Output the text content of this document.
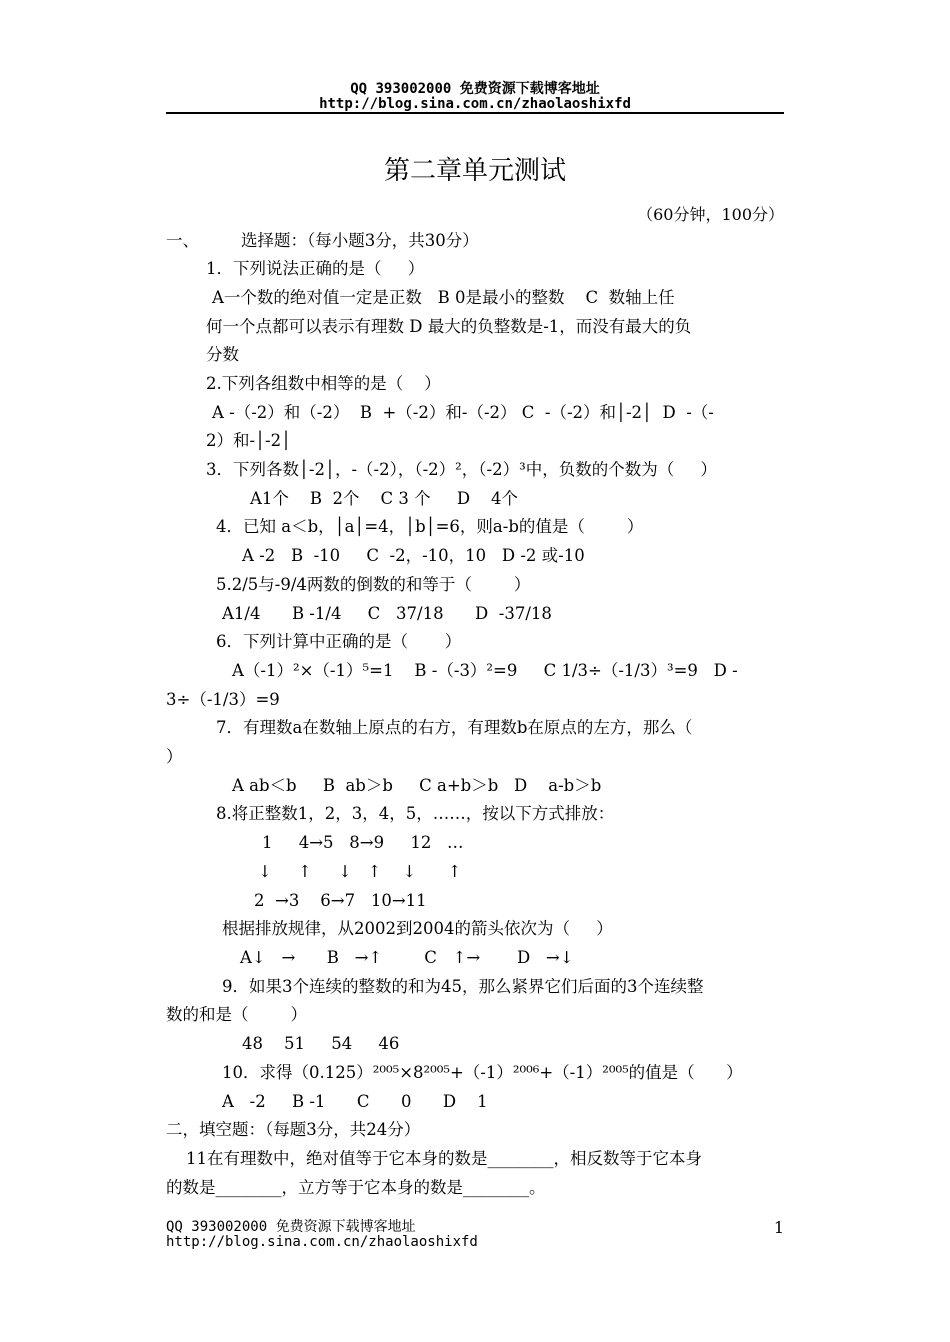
QQ 393002000 免费资源下载博客地址
http://blog.sina.com.cn/zhaolaoshixfd
第二章单元测试
（60分钟，100分）
一、        选择题：（每小题3分，共30分）
1．下列说法正确的是（     ）
A一个数的绝对值一定是正数   B 0是最小的整数    C  数轴上任
何一个点都可以表示有理数 D 最大的负整数是-1，而没有最大的负
分数
2.下列各组数中相等的是（    ）
A -（-2）和（-2）  B  +（-2）和-（-2） C  -（-2）和│-2│  D  -（-
2）和-│-2│
3．下列各数│-2│，-（-2），（-2）²，（-2）³中，负数的个数为（     ）
A1个    B  2个    C 3 个     D    4个
4．已知 a＜b，│a│=4，│b│=6，则a-b的值是（        ）
A -2   B  -10     C  -2，-10，10   D -2 或-10
5.2/5与-9/4两数的倒数的和等于（        ）
A1/4      B -1/4     C   37/18      D  -37/18
6．下列计算中正确的是（       ）
A（-1）²×（-1）⁵=1    B -（-3）²=9     C 1/3÷（-1/3）³=9   D -
3÷（-1/3）=9
7．有理数a在数轴上原点的右方，有理数b在原点的左方，那么（
）
A ab＜b     B  ab＞b     C a+b＞b   D    a-b＞b
8.将正整数1，2，3，4，5，……，按以下方式排放：
1     4→5   8→9     12   …
↓     ↑     ↓   ↑    ↓      ↑
2  →3    6→7   10→11
根据排放规律，从2002到2004的箭头依次为（     ）
A↓   →      B   →↑        C   ↑→       D   →↓
9．如果3个连续的整数的和为45，那么紧界它们后面的3个连续整
数的和是（        ）
48    51     54     46
10．求得（0.125）²⁰⁰⁵×8²⁰⁰⁵+（-1）²⁰⁰⁶+（-1）²⁰⁰⁵的值是（      ）
A   -2     B -1      C      0      D    1
二，填空题：（每题3分，共24分）
11在有理数中，绝对值等于它本身的数是________，相反数等于它本身
的数是________，立方等于它本身的数是________。
QQ 393002000 免费资源下载博客地址
http://blog.sina.com.cn/zhaolaoshixfd
1
